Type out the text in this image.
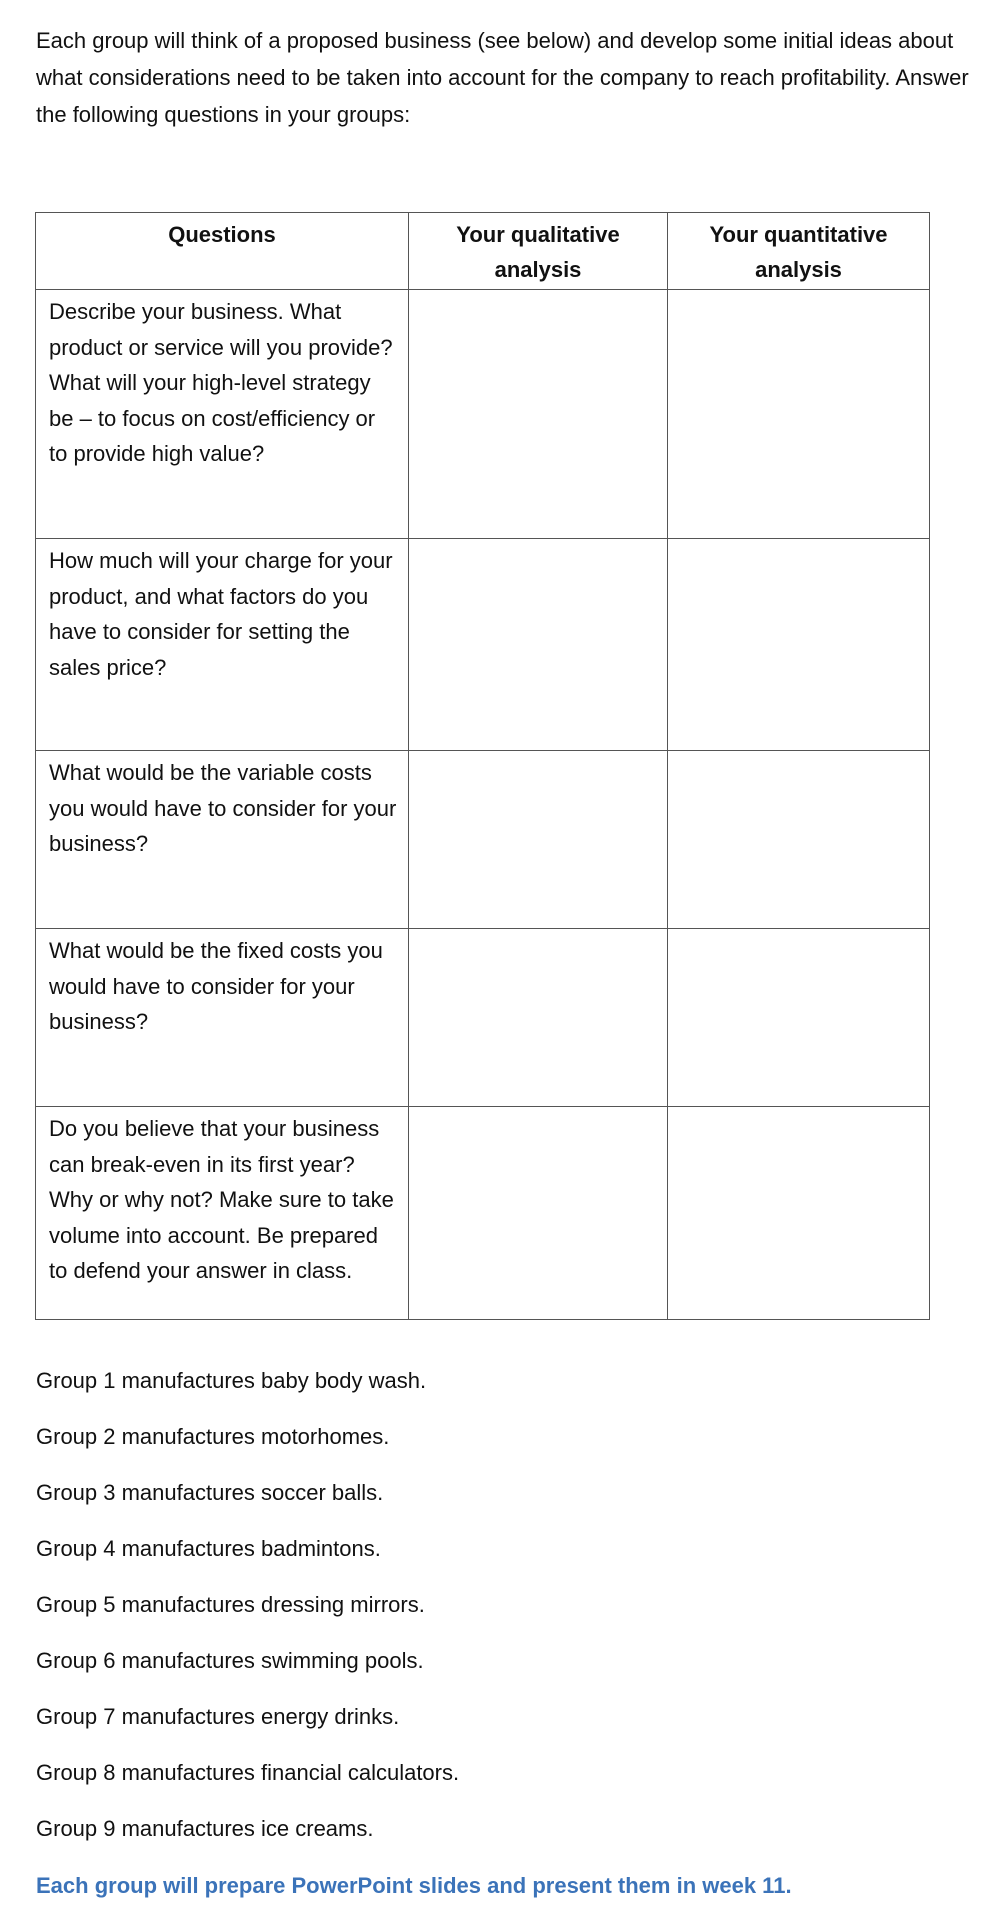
Each group will think of a proposed business (see below) and develop some initial ideas about what considerations need to be taken into account for the company to reach profitability. Answer the following questions in your groups:

Questions	Your qualitative analysis	Your quantitative analysis
Describe your business. What product or service will you provide? What will your high-level strategy be – to focus on cost/efficiency or to provide high value?		
How much will your charge for your product, and what factors do you have to consider for setting the sales price?		
What would be the variable costs you would have to consider for your business?		
What would be the fixed costs you would have to consider for your business?		
Do you believe that your business can break-even in its first year? Why or why not? Make sure to take volume into account. Be prepared to defend your answer in class.		
Group 1 manufactures baby body wash.
Group 2 manufactures motorhomes.
Group 3 manufactures soccer balls.
Group 4 manufactures badmintons.
Group 5 manufactures dressing mirrors.
Group 6 manufactures swimming pools.
Group 7 manufactures energy drinks.
Group 8 manufactures financial calculators.
Group 9 manufactures ice creams.

Each group will prepare PowerPoint slides and present them in week 11.
